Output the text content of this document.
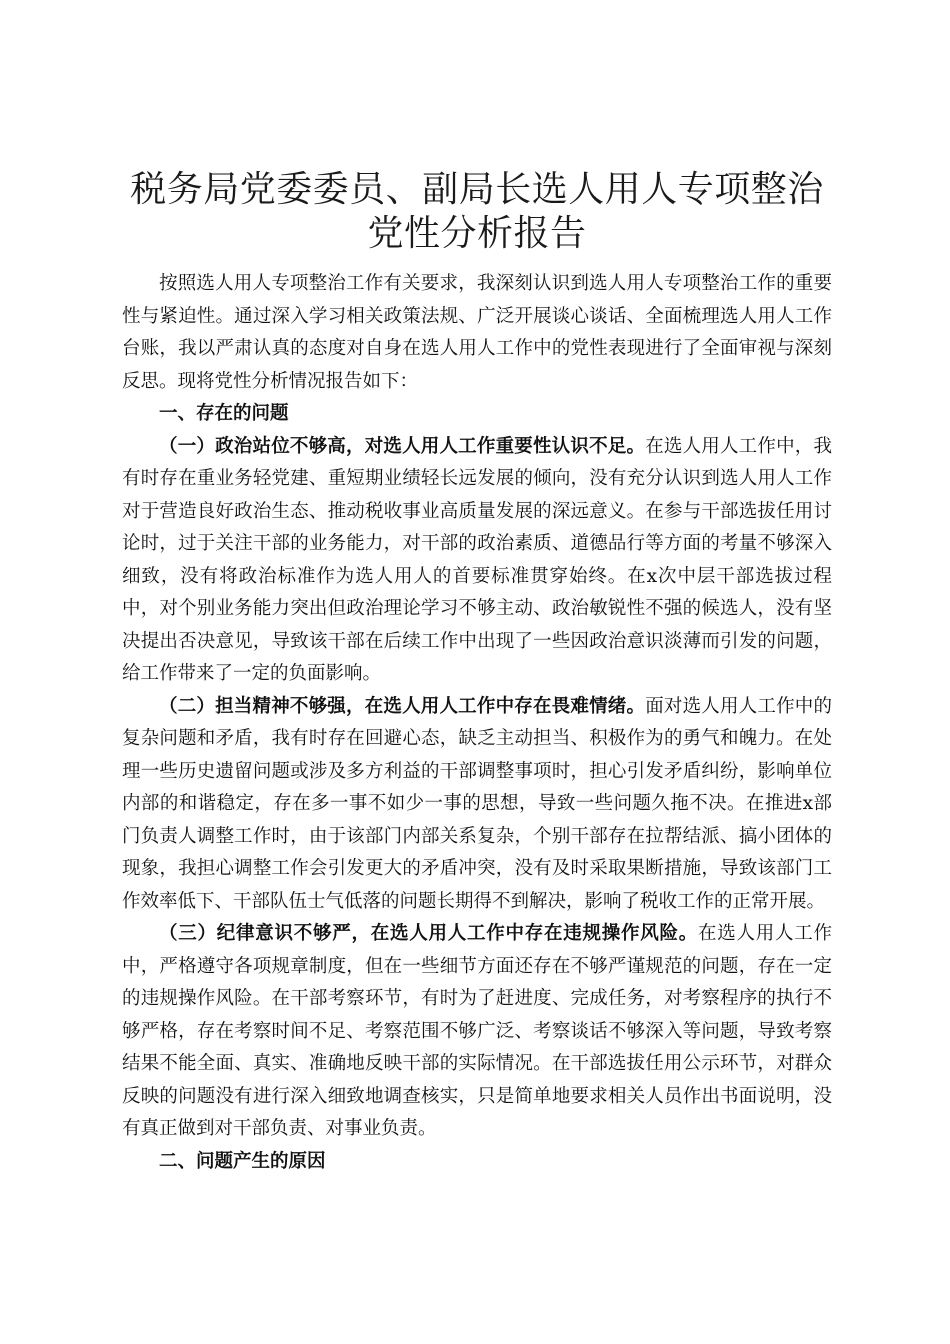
税务局党委委员、副局长选人用人专项整治党性分析报告

按照选人用人专项整治工作有关要求，我深刻认识到选人用人专项整治工作的重要性与紧迫性。通过深入学习相关政策法规、广泛开展谈心谈话、全面梳理选人用人工作台账，我以严肃认真的态度对自身在选人用人工作中的党性表现进行了全面审视与深刻反思。现将党性分析情况报告如下：

一、存在的问题

（一）政治站位不够高，对选人用人工作重要性认识不足。在选人用人工作中，我有时存在重业务轻党建、重短期业绩轻长远发展的倾向，没有充分认识到选人用人工作对于营造良好政治生态、推动税收事业高质量发展的深远意义。在参与干部选拔任用讨论时，过于关注干部的业务能力，对干部的政治素质、道德品行等方面的考量不够深入细致，没有将政治标准作为选人用人的首要标准贯穿始终。在x次中层干部选拔过程中，对个别业务能力突出但政治理论学习不够主动、政治敏锐性不强的候选人，没有坚决提出否决意见，导致该干部在后续工作中出现了一些因政治意识淡薄而引发的问题，给工作带来了一定的负面影响。

（二）担当精神不够强，在选人用人工作中存在畏难情绪。面对选人用人工作中的复杂问题和矛盾，我有时存在回避心态，缺乏主动担当、积极作为的勇气和魄力。在处理一些历史遗留问题或涉及多方利益的干部调整事项时，担心引发矛盾纠纷，影响单位内部的和谐稳定，存在多一事不如少一事的思想，导致一些问题久拖不决。在推进x部门负责人调整工作时，由于该部门内部关系复杂，个别干部存在拉帮结派、搞小团体的现象，我担心调整工作会引发更大的矛盾冲突，没有及时采取果断措施，导致该部门工作效率低下、干部队伍士气低落的问题长期得不到解决，影响了税收工作的正常开展。

（三）纪律意识不够严，在选人用人工作中存在违规操作风险。在选人用人工作中，严格遵守各项规章制度，但在一些细节方面还存在不够严谨规范的问题，存在一定的违规操作风险。在干部考察环节，有时为了赶进度、完成任务，对考察程序的执行不够严格，存在考察时间不足、考察范围不够广泛、考察谈话不够深入等问题，导致考察结果不能全面、真实、准确地反映干部的实际情况。在干部选拔任用公示环节，对群众反映的问题没有进行深入细致地调查核实，只是简单地要求相关人员作出书面说明，没有真正做到对干部负责、对事业负责。

二、问题产生的原因
